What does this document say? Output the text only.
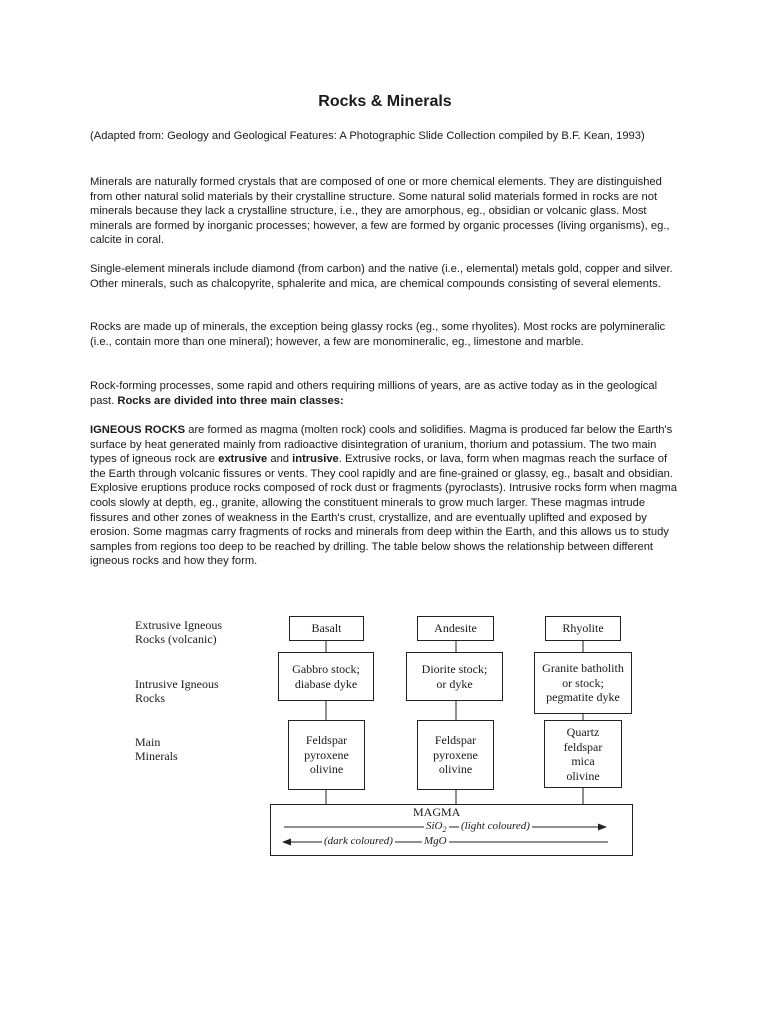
Rocks & Minerals

(Adapted from: Geology and Geological Features: A Photographic Slide Collection compiled by B.F. Kean, 1993)

Minerals are naturally formed crystals that are composed of one or more chemical elements. They are distinguished from other natural solid materials by their crystalline structure. Some natural solid materials formed in rocks are not minerals because they lack a crystalline structure, i.e., they are amorphous, eg., obsidian or volcanic glass. Most minerals are formed by inorganic processes; however, a few are formed by organic processes (living organisms), eg., calcite in coral.

Single-element minerals include diamond (from carbon) and the native (i.e., elemental) metals gold, copper and silver. Other minerals, such as chalcopyrite, sphalerite and mica, are chemical compounds consisting of several elements.

Rocks are made up of minerals, the exception being glassy rocks (eg., some rhyolites). Most rocks are polymineralic (i.e., contain more than one mineral); however, a few are monomineralic, eg., limestone and marble.

Rock-forming processes, some rapid and others requiring millions of years, are as active today as in the geological past. Rocks are divided into three main classes:

IGNEOUS ROCKS are formed as magma (molten rock) cools and solidifies. Magma is produced far below the Earth's surface by heat generated mainly from radioactive disintegration of uranium, thorium and potassium. The two main types of igneous rock are extrusive and intrusive. Extrusive rocks, or lava, form when magmas reach the surface of the Earth through volcanic fissures or vents. They cool rapidly and are fine-grained or glassy, eg., basalt and obsidian. Explosive eruptions produce rocks composed of rock dust or fragments (pyroclasts). Intrusive rocks form when magma cools slowly at depth, eg., granite, allowing the constituent minerals to grow much larger. These magmas intrude fissures and other zones of weakness in the Earth's crust, crystallize, and are eventually uplifted and exposed by erosion. Some magmas carry fragments of rocks and minerals from deep within the Earth, and this allows us to study samples from regions too deep to be reached by drilling. The table below shows the relationship between different igneous rocks and how they form.

Extrusive Igneous
Rocks (volcanic)
Intrusive Igneous
Rocks
Main
Minerals
Basalt
Gabbro stock;
diabase dyke
Feldspar
pyroxene
olivine
Andesite
Diorite stock;
or dyke
Feldspar
pyroxene
olivine
Rhyolite
Granite batholith
or stock;
pegmatite dyke
Quartz
feldspar
mica
olivine
MAGMA
SiO$_2$ (light coloured)
(dark coloured)	MgO
